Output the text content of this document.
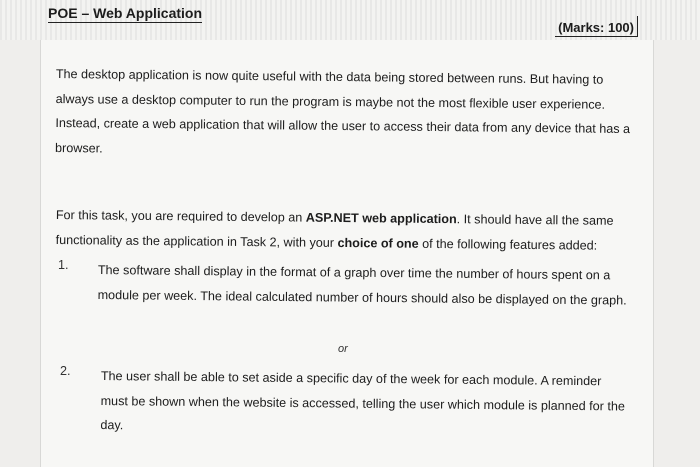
POE – Web Application
(Marks: 100)
The desktop application is now quite useful with the data being stored between runs. But having to always use a desktop computer to run the program is maybe not the most flexible user experience. Instead, create a web application that will allow the user to access their data from any device that has a browser.
For this task, you are required to develop an ASP.NET web application. It should have all the same functionality as the application in Task 2, with your choice of one of the following features added:
1. The software shall display in the format of a graph over time the number of hours spent on a module per week. The ideal calculated number of hours should also be displayed on the graph.
or
2. The user shall be able to set aside a specific day of the week for each module. A reminder must be shown when the website is accessed, telling the user which module is planned for the day.
